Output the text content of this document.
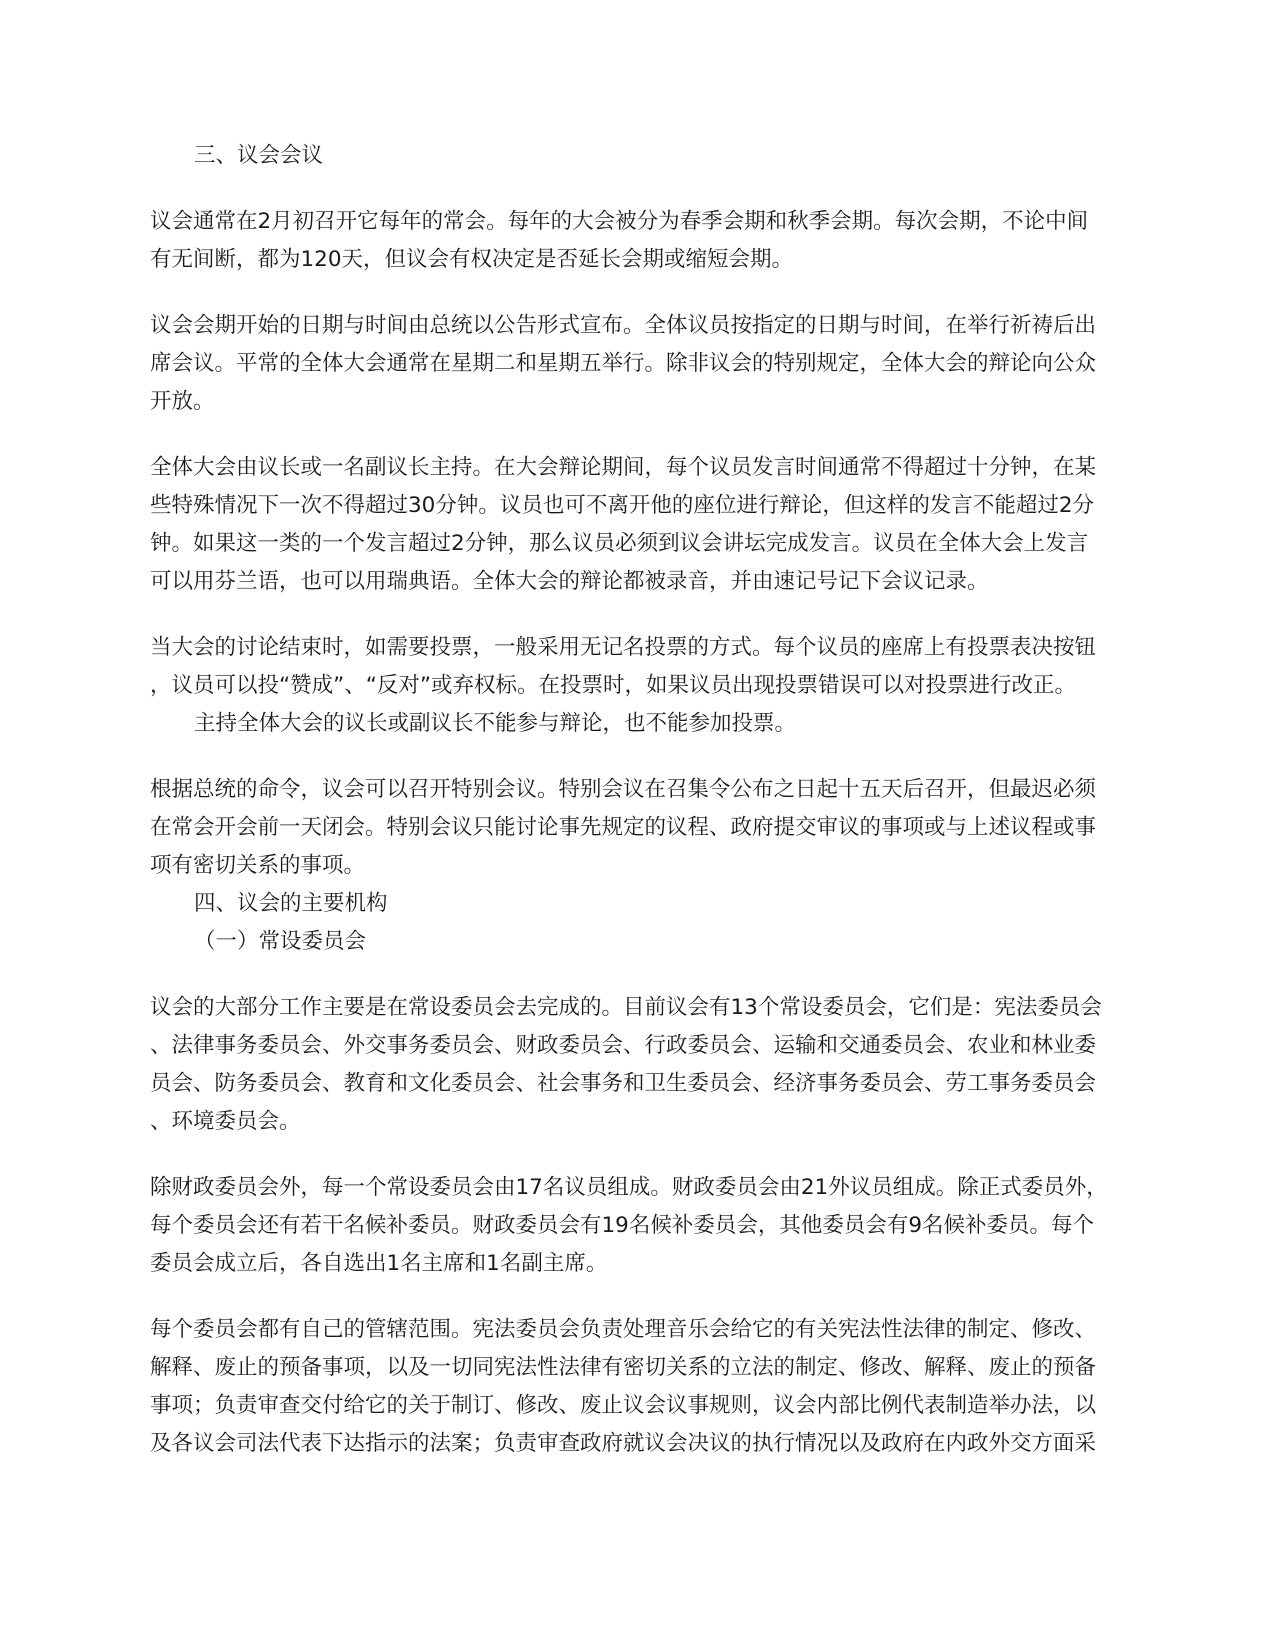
三、议会会议
议会通常在2月初召开它每年的常会。每年的大会被分为春季会期和秋季会期。每次会期，不论中间
有无间断，都为120天，但议会有权决定是否延长会期或缩短会期。
议会会期开始的日期与时间由总统以公告形式宣布。全体议员按指定的日期与时间，在举行祈祷后出
席会议。平常的全体大会通常在星期二和星期五举行。除非议会的特别规定，全体大会的辩论向公众
开放。
全体大会由议长或一名副议长主持。在大会辩论期间，每个议员发言时间通常不得超过十分钟，在某
些特殊情况下一次不得超过30分钟。议员也可不离开他的座位进行辩论，但这样的发言不能超过2分
钟。如果这一类的一个发言超过2分钟，那么议员必须到议会讲坛完成发言。议员在全体大会上发言
可以用芬兰语，也可以用瑞典语。全体大会的辩论都被录音，并由速记号记下会议记录。
当大会的讨论结束时，如需要投票，一般采用无记名投票的方式。每个议员的座席上有投票表决按钮
，议员可以投“赞成”、“反对”或弃权标。在投票时，如果议员出现投票错误可以对投票进行改正。
主持全体大会的议长或副议长不能参与辩论，也不能参加投票。
根据总统的命令，议会可以召开特别会议。特别会议在召集令公布之日起十五天后召开，但最迟必须
在常会开会前一天闭会。特别会议只能讨论事先规定的议程、政府提交审议的事项或与上述议程或事
项有密切关系的事项。
四、议会的主要机构
（一）常设委员会
议会的大部分工作主要是在常设委员会去完成的。目前议会有13个常设委员会，它们是：宪法委员会
、法律事务委员会、外交事务委员会、财政委员会、行政委员会、运输和交通委员会、农业和林业委
员会、防务委员会、教育和文化委员会、社会事务和卫生委员会、经济事务委员会、劳工事务委员会
、环境委员会。
除财政委员会外，每一个常设委员会由17名议员组成。财政委员会由21外议员组成。除正式委员外，
每个委员会还有若干名候补委员。财政委员会有19名候补委员会，其他委员会有9名候补委员。每个
委员会成立后，各自选出1名主席和1名副主席。
每个委员会都有自己的管辖范围。宪法委员会负责处理音乐会给它的有关宪法性法律的制定、修改、
解释、废止的预备事项，以及一切同宪法性法律有密切关系的立法的制定、修改、解释、废止的预备
事项；负责审查交付给它的关于制订、修改、废止议会议事规则，议会内部比例代表制造举办法，以
及各议会司法代表下达指示的法案；负责审查政府就议会决议的执行情况以及政府在内政外交方面采
